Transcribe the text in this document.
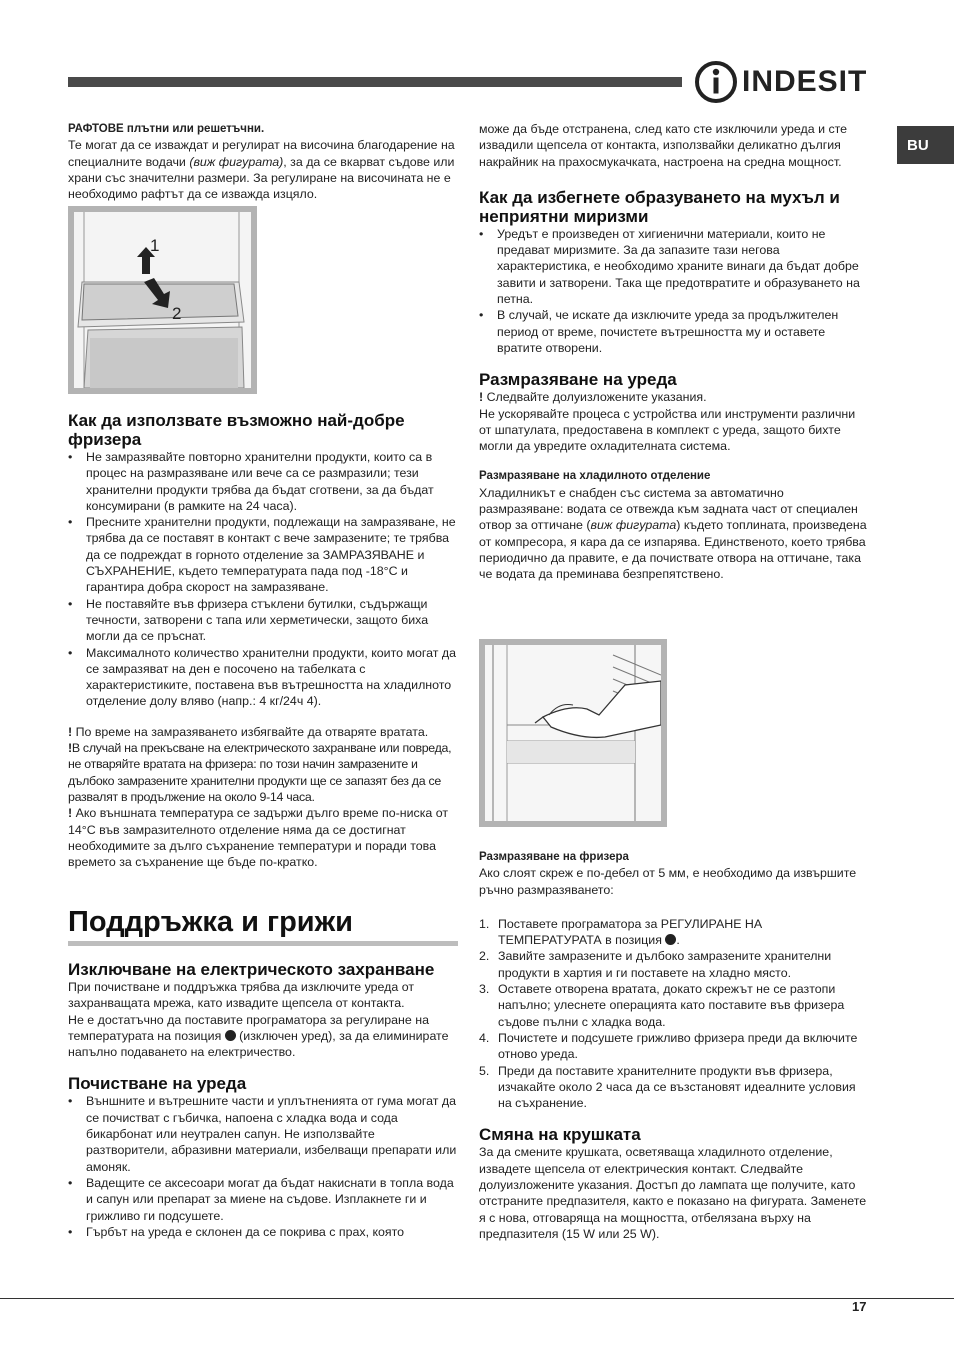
INDESIT
BU

РАФТОВЕ плътни или решетъчни.

Те могат да се изваждат и регулират на височина благодарение на специалните водачи (виж фигурата), за да се вкарват съдове или храни със значителни размери. За регулиране на височината не е необходимо рафтът да се изважда изцяло.

1
2
Как да използвате възможно най-добре фризера
• Не замразявайте повторно хранителни продукти, които са в процес на размразяване или вече са се размразили; тези хранителни продукти трябва да бъдат сготвени, за да бъдат консумирани (в рамките на 24 часа).
• Пресните хранителни продукти, подлежащи на замразяване, не трябва да се поставят в контакт с вече замразените; те трябва да се подреждат в горното отделение за ЗАМРАЗЯВАНЕ и СЪХРАНЕНИЕ, където температурата пада под -18°C и гарантира добра скорост на замразяване.
• Не поставяйте във фризера стъклени бутилки, съдържащи течности, затворени с тапа или херметически, защото биха могли да се пръснат.
• Максималното количество хранителни продукти, които могат да се замразяват на ден е посочено на табелката с характеристиките, поставена във вътрешността на хладилното отделение долу вляво (напр.: 4 кг/24ч 4).

! По време на замразяването избягвайте да отваряте вратата.

!В случай на прекъсване на електрическото захранване или повреда, не отваряйте вратата на фризера: по този начин замразените и дълбоко замразените хранителни продукти ще се запазят без да се развалят в продължение на около 9-14 часа.

! Ако външната температура се задържи дълго време по-ниска от 14°C във замразителното отделение няма да се достигнат необходимите за дълго съхранение температури и поради това времето за съхранение ще бъде по-кратко.

Поддръжка и грижи
Изключване на електрическото захранване

При почистване и поддръжка трябва да изключите уреда от захранващата мрежа, като извадите щепсела от контакта.

Не е достатъчно да поставите програматора за регулиране на температурата на позиция  (изключен уред), за да елиминирате напълно подаването на електричество.

Почистване на уреда
• Външните и вътрешните части и уплътненията от гума могат да се почистват с гъбичка, напоена с хладка вода и сода бикарбонат или неутрален сапун. Не използвайте разтворители, абразивни материали, избелващи препарати или амоняк.
• Вадещите се аксесоари могат да бъдат накиснати в топла вода и сапун или препарат за миене на съдове. Изплакнете ги и грижливо ги подсушете.
• Гърбът на уреда е склонен да се покрива с прах, която

може да бъде отстранена, след като сте изключили уреда и сте извадили щепсела от контакта, използвайки деликатно дългия накрайник на прахосмукачката, настроена на средна мощност.

Как да избегнете образуването на мухъл и неприятни миризми
• Уредът е произведен от хигиенични материали, които не предават миризмите. За да запазите тази негова характеристика, е необходимо храните винаги да бъдат добре завити и затворени. Така ще предотвратите и образуването на петна.
• В случай, че искате да изключите уреда за продължителен период от време, почистете вътрешността му и оставете вратите отворени.
Размразяване на уреда

! Следвайте долуизложените указания.

Не ускорявайте процеса с устройства или инструменти различни от шпатулата, предоставена в комплект с уреда, защото бихте могли да увредите охладителната система.

Размразяване на хладилното отделение

Хладилникът е снабден със система за автоматично размразяване: водата се отвежда към задната част от специален отвор за оттичане (виж фигурата) където топлината, произведена от компресора, я кара да се изпарява. Единственото, което трябва периодично да правите, е да почиствате отвора на оттичане, така че водата да преминава безпрепятствено.

Размразяване на фризера

Ако слоят скреж е по-дебел от 5 мм, е необходимо да извършите ръчно размразяването:

1. Поставете програматора за РЕГУЛИРАНЕ НА ТЕМПЕРАТУРАТА в позиция .
2. Завийте замразените и дълбоко замразените хранителни продукти в хартия и ги поставете на хладно място.
3. Оставете отворена вратата, докато скрежът не се разтопи напълно; улеснете операцията като поставите във фризера съдове пълни с хладка вода.
4. Почистете и подсушете грижливо фризера преди да включите отново уреда.
5. Преди да поставите хранителните продукти във фризера, изчакайте около 2 часа да се възстановят идеалните условия на съхранение.
Смяна на крушката

За да смените крушката, осветяваща хладилното отделение, извадете щепсела от електрическия контакт. Следвайте долуизложените указания. Достъп до лампата ще получите, като отстраните предпазителя, както е показано на фигурата. Заменете я с нова, отговаряща на мощността, отбелязана върху на предпазителя (15 W или 25 W).

17
